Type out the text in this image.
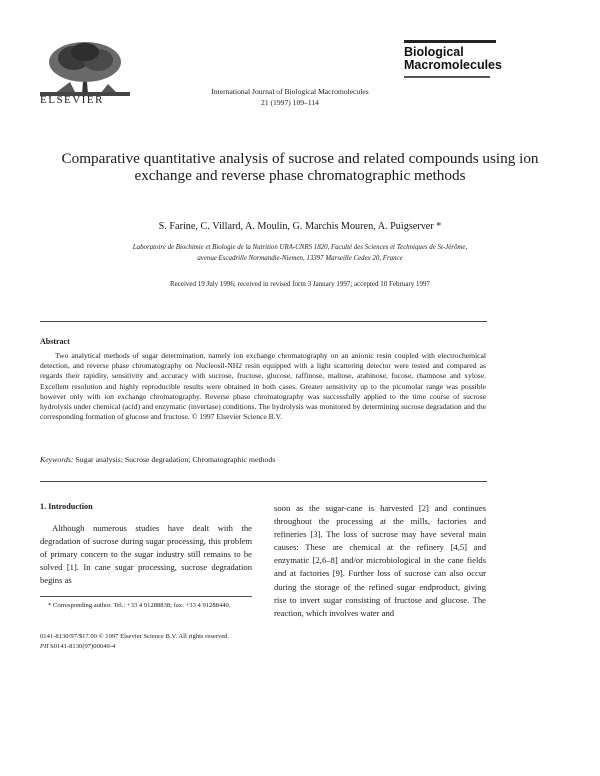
ELSEVIER
International Journal of Biological Macromolecules
21 (1997) 109–114
Biological
Macromolecules
Comparative quantitative analysis of sucrose and related compounds using ion exchange and reverse phase chromatographic methods
S. Farine, C. Villard, A. Moulin, G. Marchis Mouren, A. Puigserver *
Laboratoire de Biochimie et Biologie de la Nutrition URA-CNRS 1820, Faculté des Sciences et Techniques de St-Jérôme,
avenue Escadrille Normandie-Niemen, 13397 Marseille Cedex 20, France
Received 19 July 1996; received in revised form 3 January 1997; accepted 10 February 1997
Abstract
Two analytical methods of sugar determination, namely ion exchange chromatography on an anionic resin coupled with electrochemical detection, and reverse phase chromatography on Nucleosil-NH2 resin equipped with a light scattering detector were tested and compared as regards their rapidity, sensitivity and accuracy with sucrose, fructose, glucose, raffinose, maltose, arabinose, fucose, rhamnose and xylose. Excellent resolution and highly reproducible results were obtained in both cases. Greater sensitivity up to the picomolar range was possible however only with ion exchange chromatography. Reverse phase chromatography was successfully applied to the time course of sucrose hydrolysis under chemical (acid) and enzymatic (invertase) conditions. The hydrolysis was monitored by determining sucrose degradation and the corresponding formation of glucose and fructose. © 1997 Elsevier Science B.V.
Keywords: Sugar analysis; Sucrose degradation; Chromatographic methods
1. Introduction

Although numerous studies have dealt with the degradation of sucrose during sugar processing, this problem of primary concern to the sugar industry still remains to be solved [1]. In cane sugar processing, sucrose degradation begins as

soon as the sugar-cane is harvested [2] and continues throughout the processing at the mills, factories and refineries [3]. The loss of sucrose may have several main causes: These are chemical at the refinery [4,5] and enzymatic [2,6–8] and/or microbiological in the cane fields and at factories [9]. Further loss of sucrose can also occur during the storage of the refined sugar endproduct, giving rise to invert sugar consisting of fructose and glucose. The reaction, which involves water and

* Corresponding author. Tel.: +33 4 91288838; fax: +33 4 91288440.
0141-8130/97/$17.00 © 1997 Elsevier Science B.V. All rights reserved.
PII S0141-8130(97)00049-4
